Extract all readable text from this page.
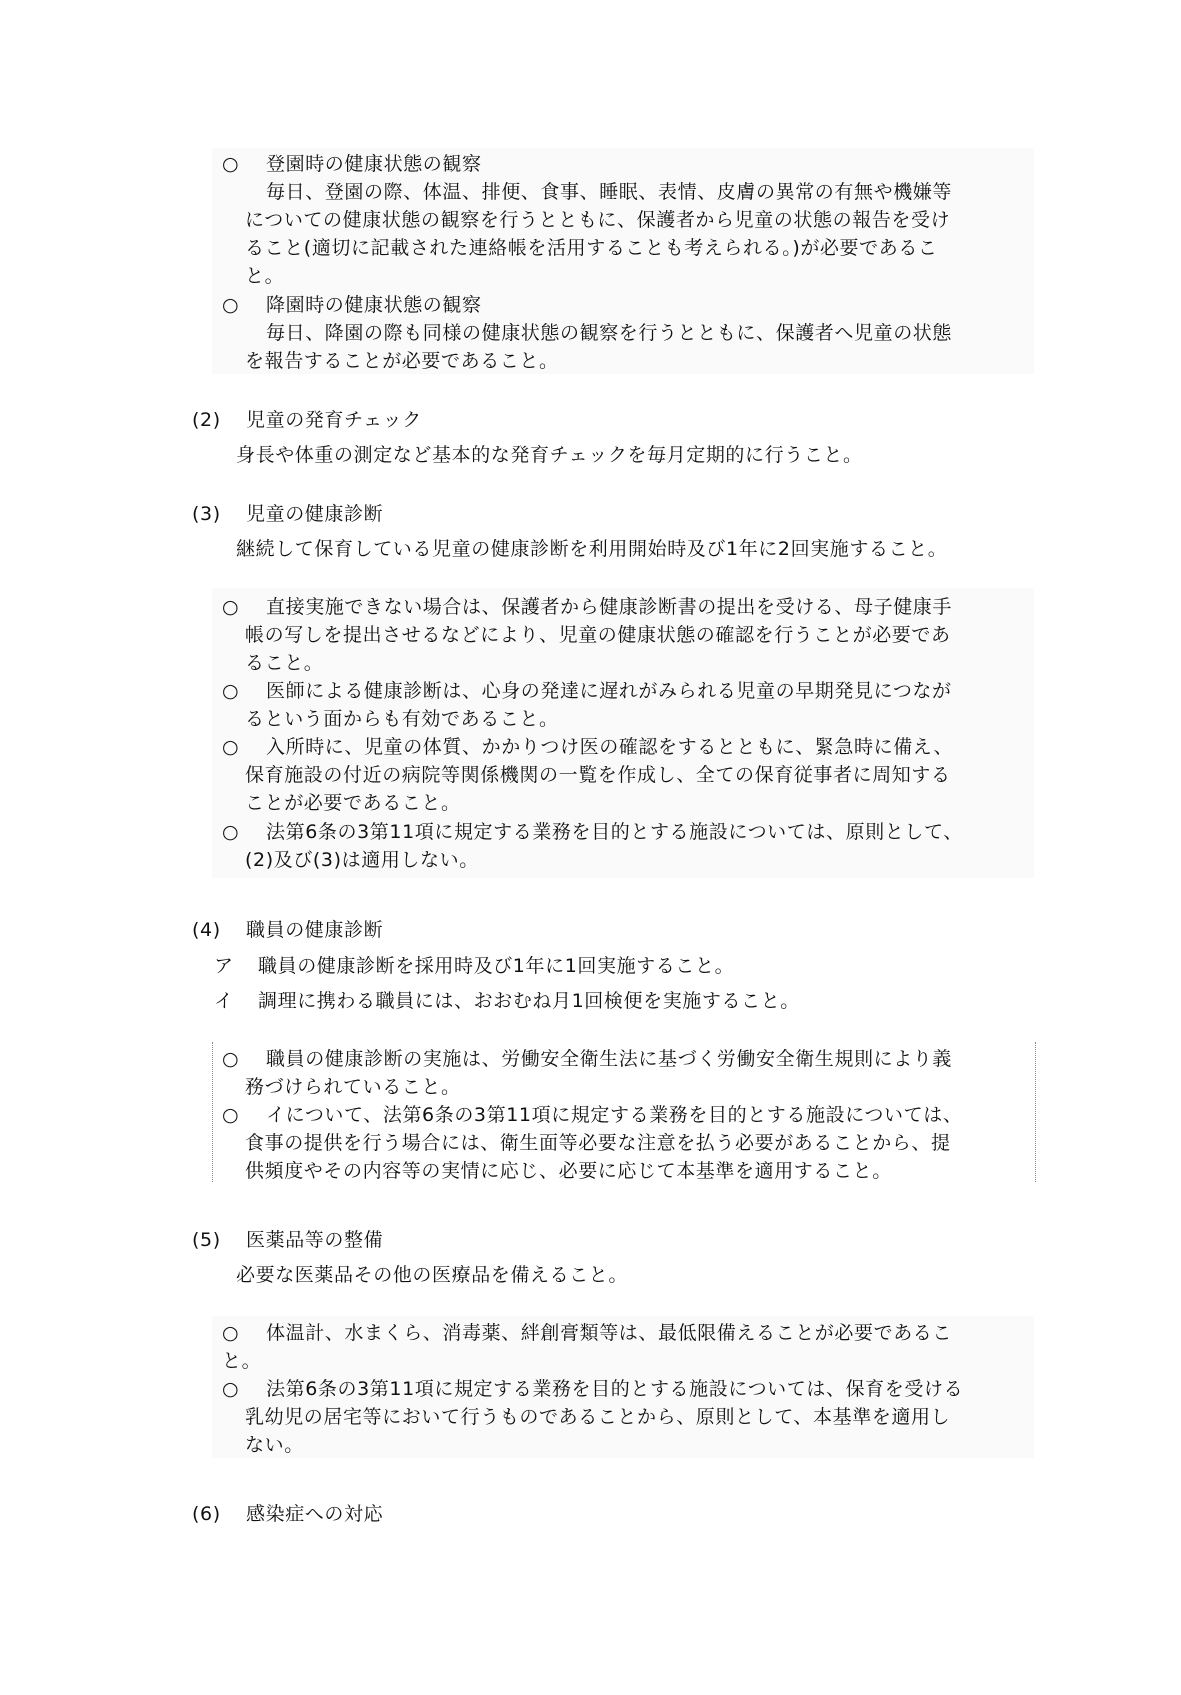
○ 登園時の健康状態の観察
毎日、登園の際、体温、排便、食事、睡眠、表情、皮膚の異常の有無や機嫌等
についての健康状態の観察を行うとともに、保護者から児童の状態の報告を受け
ること(適切に記載された連絡帳を活用することも考えられる。)が必要であるこ
と。
○ 降園時の健康状態の観察
毎日、降園の際も同様の健康状態の観察を行うとともに、保護者へ児童の状態
を報告することが必要であること。
(2) 児童の発育チェック
身長や体重の測定など基本的な発育チェックを毎月定期的に行うこと。
(3) 児童の健康診断
継続して保育している児童の健康診断を利用開始時及び1年に2回実施すること。
○ 直接実施できない場合は、保護者から健康診断書の提出を受ける、母子健康手
帳の写しを提出させるなどにより、児童の健康状態の確認を行うことが必要であ
ること。
○ 医師による健康診断は、心身の発達に遅れがみられる児童の早期発見につなが
るという面からも有効であること。
○ 入所時に、児童の体質、かかりつけ医の確認をするとともに、緊急時に備え、
保育施設の付近の病院等関係機関の一覧を作成し、全ての保育従事者に周知する
ことが必要であること。
○ 法第6条の3第11項に規定する業務を目的とする施設については、原則として、
(2)及び(3)は適用しない。
(4) 職員の健康診断
ア 職員の健康診断を採用時及び1年に1回実施すること。
イ 調理に携わる職員には、おおむね月1回検便を実施すること。
○ 職員の健康診断の実施は、労働安全衛生法に基づく労働安全衛生規則により義
務づけられていること。
○ イについて、法第6条の3第11項に規定する業務を目的とする施設については、
食事の提供を行う場合には、衛生面等必要な注意を払う必要があることから、提
供頻度やその内容等の実情に応じ、必要に応じて本基準を適用すること。
(5) 医薬品等の整備
必要な医薬品その他の医療品を備えること。
○ 体温計、水まくら、消毒薬、絆創膏類等は、最低限備えることが必要であるこ
と。
○ 法第6条の3第11項に規定する業務を目的とする施設については、保育を受ける
乳幼児の居宅等において行うものであることから、原則として、本基準を適用し
ない。
(6) 感染症への対応
